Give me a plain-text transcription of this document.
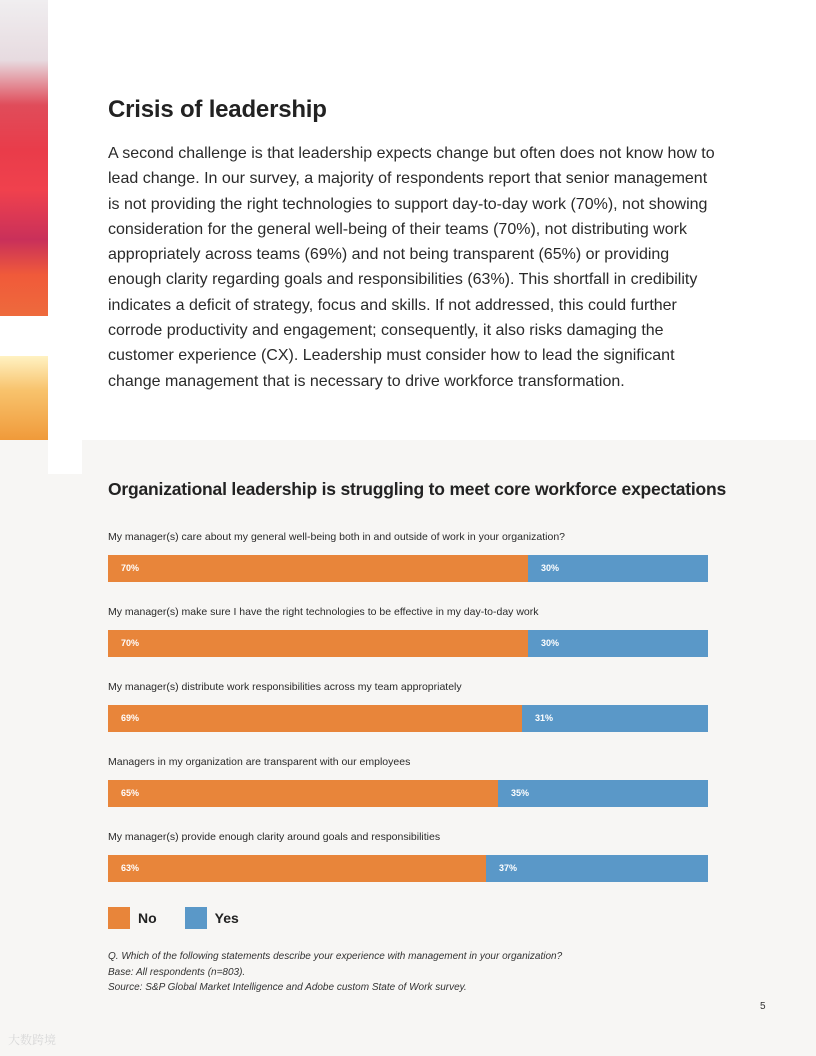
Crisis of leadership

A second challenge is that leadership expects change but often does not know how to lead change. In our survey, a majority of respondents report that senior management is not providing the right technologies to support day-to-day work (70%), not showing consideration for the general well-being of their teams (70%), not distributing work appropriately across teams (69%) and not being transparent (65%) or providing enough clarity regarding goals and responsibilities (63%). This shortfall in credibility indicates a deficit of strategy, focus and skills. If not addressed, this could further corrode productivity and engagement; consequently, it also risks damaging the customer experience (CX). Leadership must consider how to lead the significant change management that is necessary to drive workforce transformation.

Organizational leadership is struggling to meet core workforce expectations
My manager(s) care about my general well-being both in and outside of work in your organization?
70%	30%
My manager(s) make sure I have the right technologies to be effective in my day-to-day work
70%	30%
My manager(s) distribute work responsibilities across my team appropriately
69%	31%
Managers in my organization are transparent with our employees
65%	35%
My manager(s) provide enough clarity around goals and responsibilities
63%	37%
No	Yes
Q. Which of the following statements describe your experience with management in your organization?
Base: All respondents (n=803).
Source: S&P Global Market Intelligence and Adobe custom State of Work survey.
5
大数跨境
